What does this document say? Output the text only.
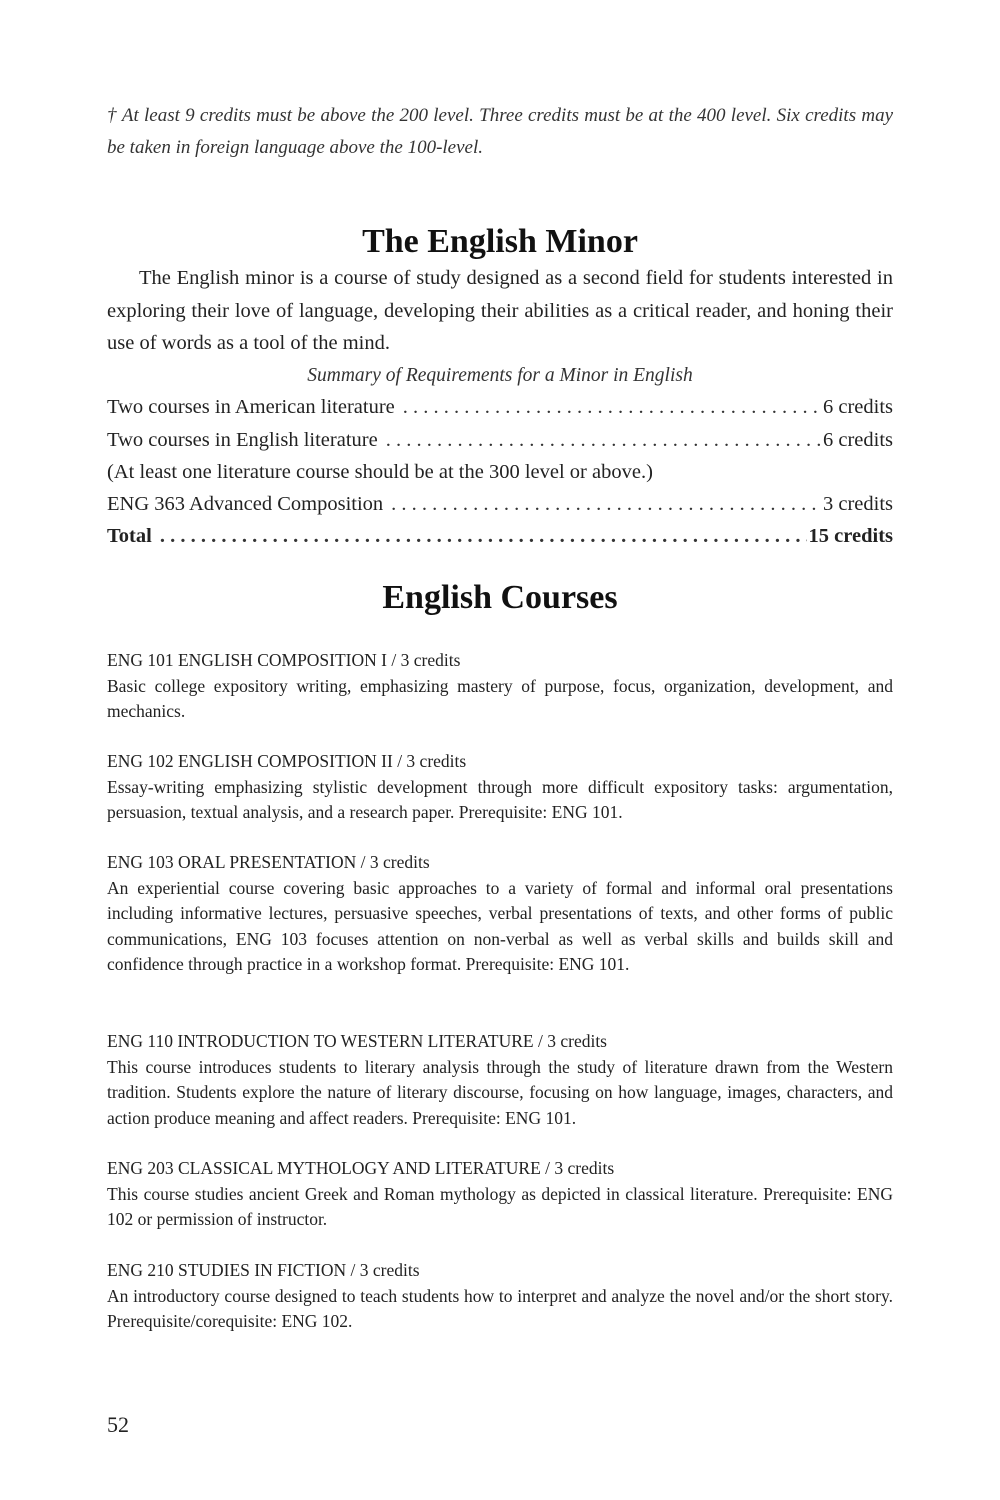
† At least 9 credits must be above the 200 level. Three credits must be at the 400 level. Six credits may be taken in foreign language above the 100-level.

The English Minor

The English minor is a course of study designed as a second field for students interested in exploring their love of language, developing their abilities as a critical reader, and honing their use of words as a tool of the mind.

Summary of Requirements for a Minor in English

Two courses in American literature . . .	6 credits
Two courses in English literature . . .	6 credits
(At least one literature course should be at the 300 level or above.)
ENG 363 Advanced Composition . . .	3 credits
Total . . .	15 credits
English Courses
ENG 101 ENGLISH COMPOSITION I / 3 credits
Basic college expository writing, emphasizing mastery of purpose, focus, organization, development, and mechanics.
ENG 102 ENGLISH COMPOSITION II / 3 credits
Essay-writing emphasizing stylistic development through more difficult expository tasks: argumentation, persuasion, textual analysis, and a research paper. Prerequisite: ENG 101.
ENG 103 ORAL PRESENTATION / 3 credits
An experiential course covering basic approaches to a variety of formal and informal oral presentations including informative lectures, persuasive speeches, verbal presentations of texts, and other forms of public communications, ENG 103 focuses attention on non-verbal as well as verbal skills and builds skill and confidence through practice in a workshop format. Prerequisite: ENG 101.
ENG 110 INTRODUCTION TO WESTERN LITERATURE / 3 credits
This course introduces students to literary analysis through the study of literature drawn from the Western tradition. Students explore the nature of literary discourse, focusing on how language, images, characters, and action produce meaning and affect readers. Prerequisite: ENG 101.
ENG 203 CLASSICAL MYTHOLOGY AND LITERATURE / 3 credits
This course studies ancient Greek and Roman mythology as depicted in classical literature. Prerequisite: ENG 102 or permission of instructor.
ENG 210 STUDIES IN FICTION / 3 credits
An introductory course designed to teach students how to interpret and analyze the novel and/or the short story. Prerequisite/corequisite: ENG 102.
52
